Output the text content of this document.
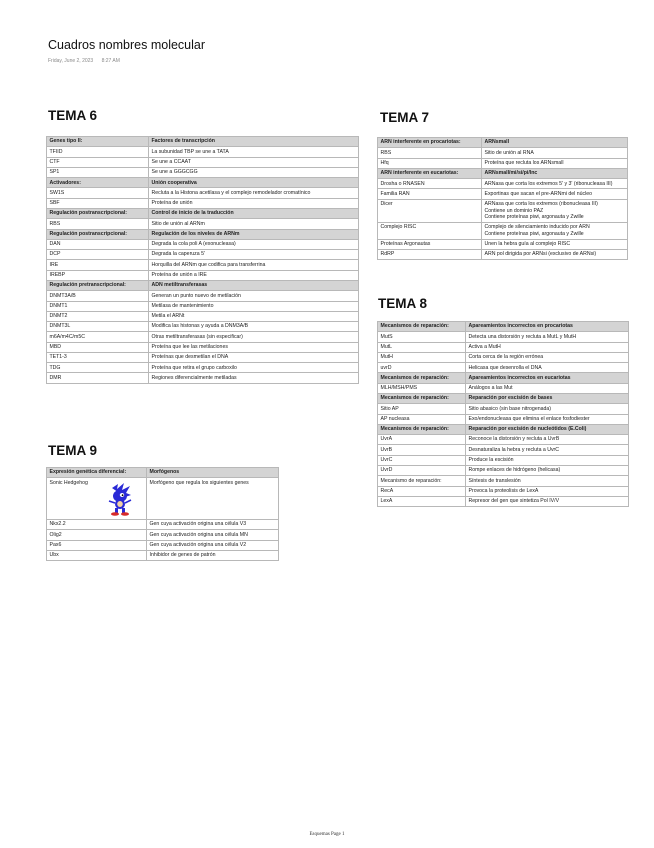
Cuadros nombres molecular
Friday, June 2, 2023 8:27 AM
TEMA 6
Genes tipo II:	Factores de transcripción
TFIID	La subunidad TBP se une a TATA
CTF	Se une a CCAAT
SP1	Se une a GGGCGG
Activadores:	Unión cooperativa
SW1S	Recluta a la Histona acetilasa y el complejo remodelador cromatínico
SBF	Proteína de unión
Regulación postranscripcional:	Control de inicio de la traducción
RBS	Sitio de unión al ARNm
Regulación postranscripcional:	Regulación de los niveles de ARNm
DAN	Degrada la cola poli A (exonucleasa)
DCP	Degrada la caperuza 5'
IRE	Horquilla del ARNm que codifica para transferrina
IREBP	Proteína de unión a IRE
Regulación pretranscripcional:	ADN metiltransferasas
DNMT3A/B	Generan un punto nuevo de metilación
DNMT1	Metilasa de mantenimiento
DNMT2	Metila el ARNt
DNMT3L	Modifica las histonas y ayuda a DNM3A/B
m6A/m4C/m5C	Otras metiltransferasas (sin especificar)
MBD	Proteína que lee las metilaciones
TET1-3	Proteínas que desmetilan el DNA
TDG	Proteína que retira el grupo carboxilo
DMR	Regiones diferencialmente metiladas
TEMA 7
ARN interferente en procariotas:	ARNsmall
RBS	Sitio de unión al RNA
Hfq	Proteína que recluta los ARNsmall
ARN interferente en eucariotas:	ARNsmall/mi/si/pi/lnc
Drosha o RNASEN	ARNasa que corta los extremos 5' y 3' (ribonucleasa III)
Familia RAN	Exportinas que sacan el pre-ARNmi del núcleo
Dicer	ARNasa que corta los extremos (ribonucleasa III)
Contiene un dominio PAZ
Contiene proteínas piwi, argonauta y Zwille
Complejo RISC	Complejo de silenciamiento inducido por ARN
Contiene proteínas piwi, argonauta y Zwille
Proteínas Argonautas	Unen la hebra guía al complejo RISC
RdRP	ARN pol dirigida por ARNsi (exclusivo de ARNsi)
TEMA 8
Mecanismos de reparación:	Apareamientos incorrectos en procariotas
MutS	Detecta una distorsión y recluta a MutL y MutH
MutL	Activa a MutH
MutH	Corta cerca de la región errónea
uvrD	Helicasa que desenrolla el DNA
Mecanismos de reparación:	Apareamientos incorrectos en eucariotas
MLH/MSH/PMS	Análogos a las Mut
Mecanismos de reparación:	Reparación por escisión de bases
Sitio AP	Sitio abasico (sin base nitrogenada)
AP nucleasa	Exo/endonucleasa que elimina el enlace fosfodiester
Mecanismos de reparación:	Reparación por escisión de nucleótidos (E.Coli)
UvrA	Reconoce la distorsión y recluta a UvrB
UvrB	Desnaturaliza la hebra y recluta a UvrC
UvrC	Produce la escisión
UvrD	Rompe enlaces de hidrógeno (helicasa)
Mecanismo de reparación:	Síntesis de translesión
RecA	Provoca la proteolisis de LexA
LexA	Represor del gen que sintetiza Pol IV/V
TEMA 9
Expresión genética diferencial:	Morfógenos

Sonic Hedgehog	Morfógeno que regula los siguientes genes
Nkx2.2	Gen cuya activación origina una célula V3
Olig2	Gen cuya activación origina una célula MN
Pax6	Gen cuya activación origina una célula V2
Ubx	Inhibidor de genes de patrón
Esquemas Page 1
